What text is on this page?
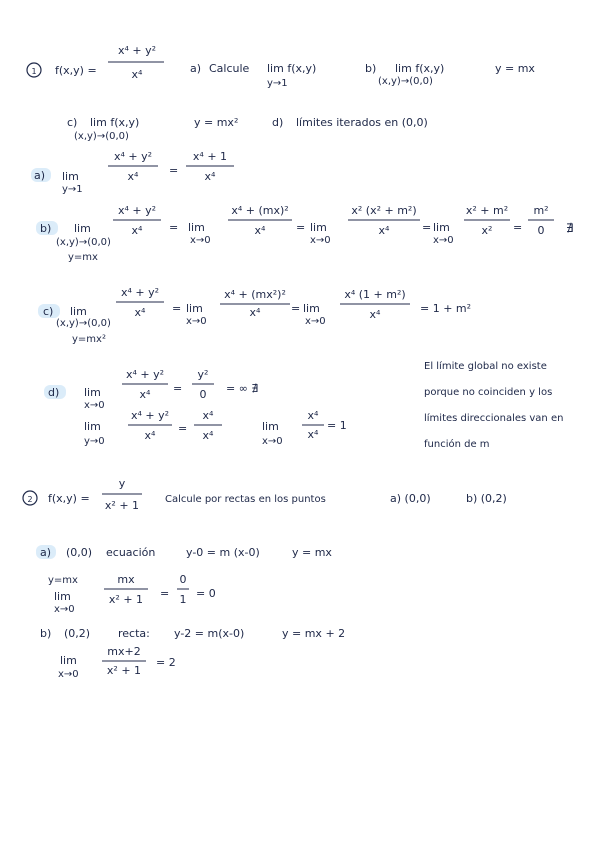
1 f(x,y) =
x⁴ + y²
x⁴	a) Calcule lim f(x,y)
y→1
b) lim f(x,y)
(x,y)→(0,0)
y = mx
c) lim f(x,y)
(x,y)→(0,0)
y = mx²	d) límites iterados en (0,0)
a) lim
y→1
x⁴ + y²
x⁴	=
x⁴ + 1
x⁴
b) lim
(x,y)→(0,0)
y=mx
x⁴ + y²
x⁴ = lim
x→0
x⁴ + (mx)²
x⁴	= lim
x→0
x² (x² + m²)
x⁴	= lim
x→0
x² + m²
x² =
m²
0 ∄
c) lim
(x,y)→(0,0)
y=mx²
x⁴ + y²
x⁴ = lim
x→0
x⁴ + (mx²)²
x⁴	= lim
x→0
x⁴ (1 + m²)
x⁴	= 1 + m²
d) lim
x→0
x⁴ + y²
x⁴ =
y²
0 = ∞ ∄
lim
y→0
x⁴ + y²
x⁴
=
x⁴
x⁴
lim
x→0
x⁴
x⁴
= 1
El límite global no existe
porque no coinciden y los
límites direccionales van en
función de m
2 f(x,y) =
y
x² + 1	Calcule por rectas en los puntos	a) (0,0)	b) (0,2)
a) (0,0) ecuación	y-0 = m (x-0)	y = mx
y=mx
lim
x→0
mx
x² + 1 =
0
1 = 0
b) (0,2)	recta: y-2 = m(x-0)	y = mx + 2
lim
x→0
mx+2
x² + 1
= 2
